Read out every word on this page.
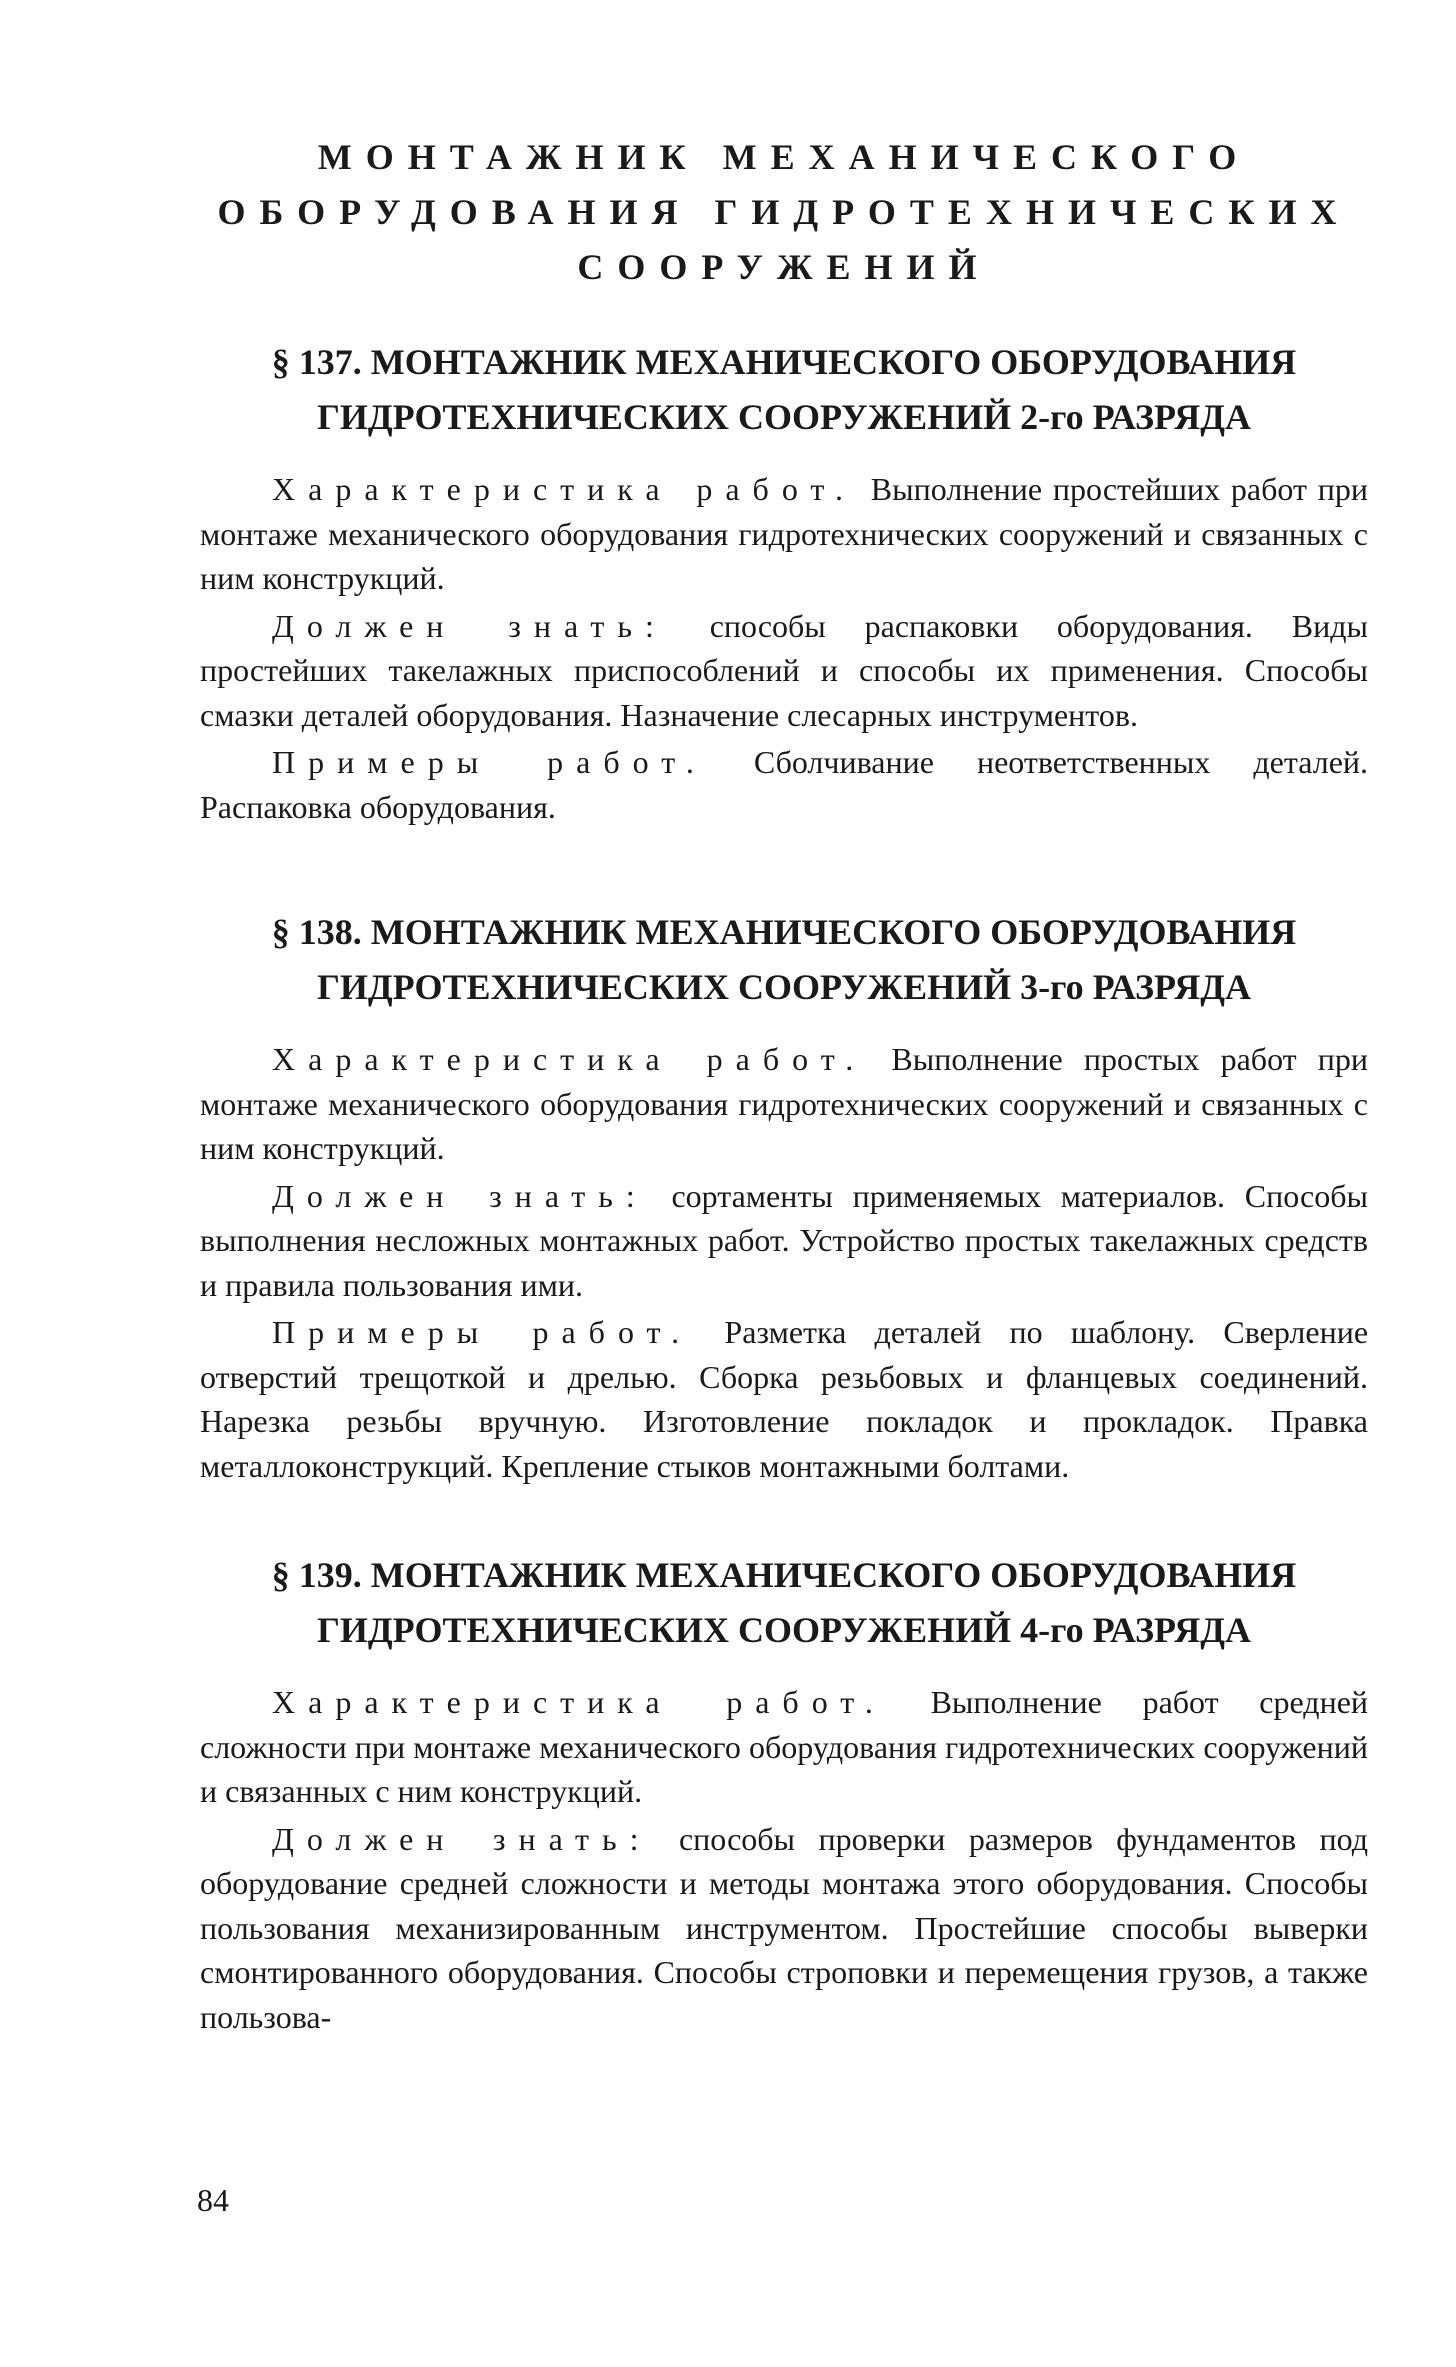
МОНТАЖНИК МЕХАНИЧЕСКОГО
ОБОРУДОВАНИЯ ГИДРОТЕХНИЧЕСКИХ
СООРУЖЕНИЙ
§ 137. МОНТАЖНИК МЕХАНИЧЕСКОГО ОБОРУДОВАНИЯ
ГИДРОТЕХНИЧЕСКИХ СООРУЖЕНИЙ 2-го РАЗРЯДА

Характеристика работ. Выполнение простейших работ при монтаже механического оборудования гидротехнических сооружений и связанных с ним конструкций.

Должен знать: способы распаковки оборудования. Виды простейших такелажных приспособлений и способы их применения. Способы смазки деталей оборудования. Назначение слесарных инструментов.

Примеры работ. Сболчивание неответственных деталей. Распаковка оборудования.

§ 138. МОНТАЖНИК МЕХАНИЧЕСКОГО ОБОРУДОВАНИЯ
ГИДРОТЕХНИЧЕСКИХ СООРУЖЕНИЙ 3-го РАЗРЯДА

Характеристика работ. Выполнение простых работ при монтаже механического оборудования гидротехнических сооружений и связанных с ним конструкций.

Должен знать: сортаменты применяемых материалов. Способы выполнения несложных монтажных работ. Устройство простых такелажных средств и правила пользования ими.

Примеры работ. Разметка деталей по шаблону. Сверление отверстий трещоткой и дрелью. Сборка резьбовых и фланцевых соединений. Нарезка резьбы вручную. Изготовление покладок и прокладок. Правка металлоконструкций. Крепление стыков монтажными болтами.

§ 139. МОНТАЖНИК МЕХАНИЧЕСКОГО ОБОРУДОВАНИЯ
ГИДРОТЕХНИЧЕСКИХ СООРУЖЕНИЙ 4-го РАЗРЯДА

Характеристика работ. Выполнение работ средней сложности при монтаже механического оборудования гидротехнических сооружений и связанных с ним конструкций.

Должен знать: способы проверки размеров фундаментов под оборудование средней сложности и методы монтажа этого оборудования. Способы пользования механизированным инструментом. Простейшие способы выверки смонтированного оборудования. Способы строповки и перемещения грузов, а также пользова-

84
